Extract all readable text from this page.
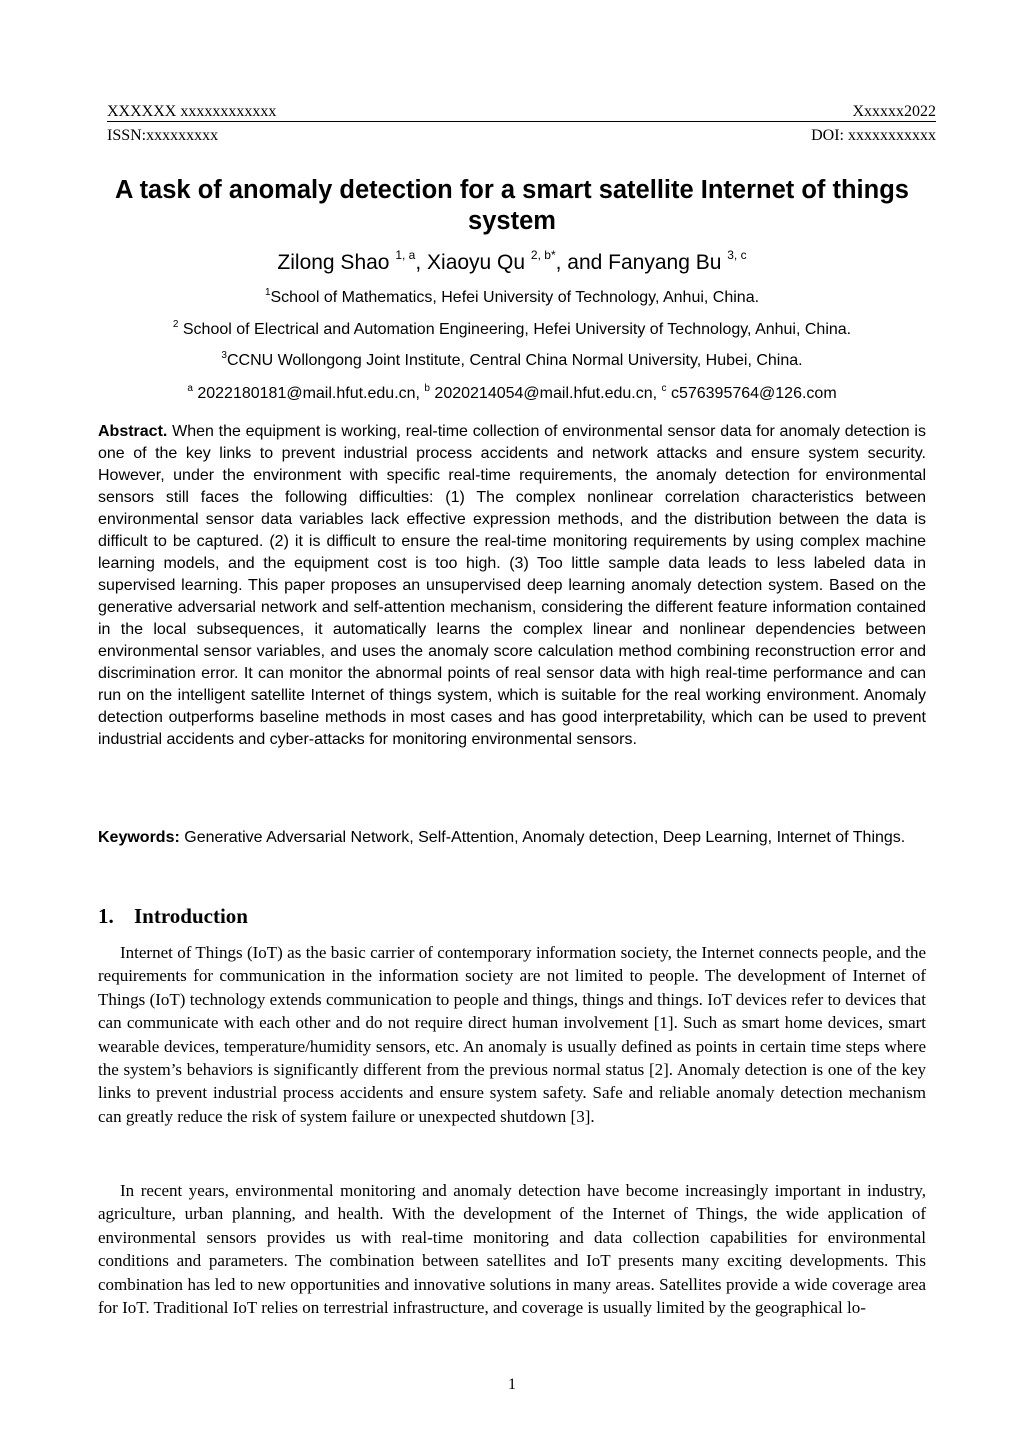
XXXXXX xxxxxxxxxxxx	Xxxxxx2022
ISSN:xxxxxxxxx	DOI: xxxxxxxxxxx
A task of anomaly detection for a smart satellite Internet of things system
Zilong Shao $^{1, a}$, Xiaoyu Qu $^{2, b*}$, and Fanyang Bu $^{3, c}$
$^1$School of Mathematics, Hefei University of Technology, Anhui, China.
$^2$ School of Electrical and Automation Engineering, Hefei University of Technology, Anhui, China.
$^3$CCNU Wollongong Joint Institute, Central China Normal University, Hubei, China.
$^a$ 2022180181@mail.hfut.edu.cn, $^b$ 2020214054@mail.hfut.edu.cn, $^c$ c576395764@126.com
Abstract. When the equipment is working, real-time collection of environmental sensor data for anomaly detection is one of the key links to prevent industrial process accidents and network attacks and ensure system security. However, under the environment with specific real-time requirements, the anomaly detection for environmental sensors still faces the following difficulties: (1) The complex nonlinear correlation characteristics between environmental sensor data variables lack effective expression methods, and the distribution between the data is difficult to be captured. (2) it is difficult to ensure the real-time monitoring requirements by using complex machine learning models, and the equipment cost is too high. (3) Too little sample data leads to less labeled data in supervised learning. This paper proposes an unsupervised deep learning anomaly detection system. Based on the generative adversarial network and self-attention mechanism, considering the different feature information contained in the local subsequences, it automatically learns the complex linear and nonlinear dependencies between environmental sensor variables, and uses the anomaly score calculation method combining reconstruction error and discrimination error. It can monitor the abnormal points of real sensor data with high real-time performance and can run on the intelligent satellite Internet of things system, which is suitable for the real working environment. Anomaly detection outperforms baseline methods in most cases and has good interpretability, which can be used to prevent industrial accidents and cyber-attacks for monitoring environmental sensors.
Keywords: Generative Adversarial Network, Self-Attention, Anomaly detection, Deep Learning, Internet of Things.
1. Introduction

Internet of Things (IoT) as the basic carrier of contemporary information society, the Internet connects people, and the requirements for communication in the information society are not limited to people. The development of Internet of Things (IoT) technology extends communication to people and things, things and things. IoT devices refer to devices that can communicate with each other and do not require direct human involvement [1]. Such as smart home devices, smart wearable devices, temperature/humidity sensors, etc. An anomaly is usually defined as points in certain time steps where the system’s behaviors is significantly different from the previous normal status [2]. Anomaly detection is one of the key links to prevent industrial process accidents and ensure system safety. Safe and reliable anomaly detection mechanism can greatly reduce the risk of system failure or unexpected shutdown [3].

In recent years, environmental monitoring and anomaly detection have become increasingly important in industry, agriculture, urban planning, and health. With the development of the Internet of Things, the wide application of environmental sensors provides us with real-time monitoring and data collection capabilities for environmental conditions and parameters. The combination between satellites and IoT presents many exciting developments. This combination has led to new opportunities and innovative solutions in many areas. Satellites provide a wide coverage area for IoT. Traditional IoT relies on terrestrial infrastructure, and coverage is usually limited by the geographical lo-

1
